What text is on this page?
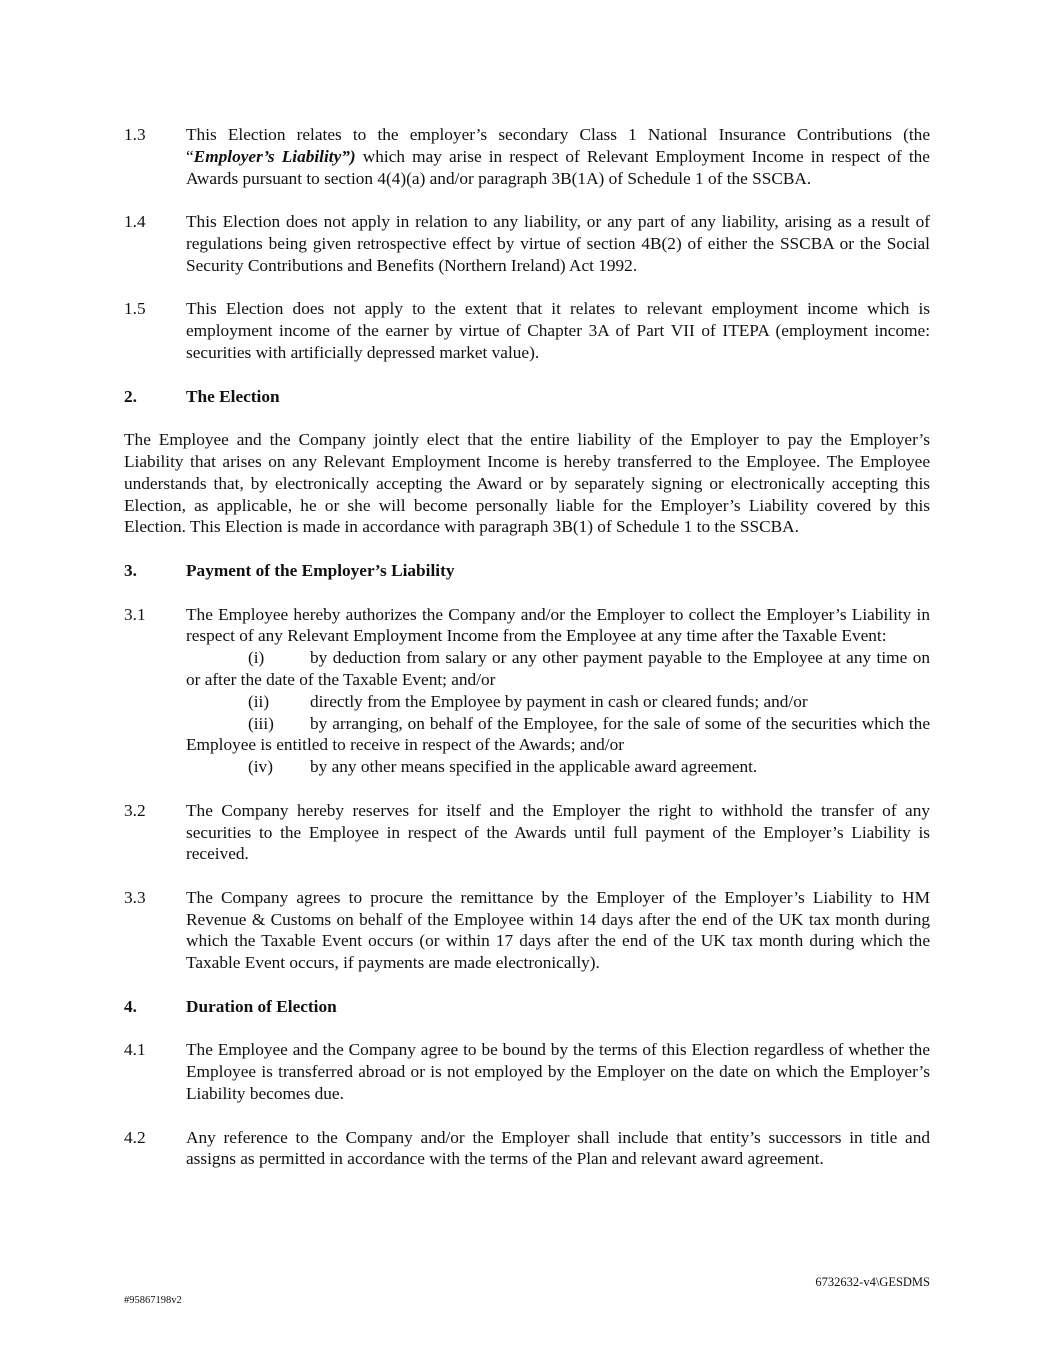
1.3 This Election relates to the employer’s secondary Class 1 National Insurance Contributions (the “Employer’s Liability”) which may arise in respect of Relevant Employment Income in respect of the Awards pursuant to section 4(4)(a) and/or paragraph 3B(1A) of Schedule 1 of the SSCBA.

1.4 This Election does not apply in relation to any liability, or any part of any liability, arising as a result of regulations being given retrospective effect by virtue of section 4B(2) of either the SSCBA or the Social Security Contributions and Benefits (Northern Ireland) Act 1992.

1.5 This Election does not apply to the extent that it relates to relevant employment income which is employment income of the earner by virtue of Chapter 3A of Part VII of ITEPA (employment income: securities with artificially depressed market value).

2.	The Election

The Employee and the Company jointly elect that the entire liability of the Employer to pay the Employer’s Liability that arises on any Relevant Employment Income is hereby transferred to the Employee. The Employee understands that, by electronically accepting the Award or by separately signing or electronically accepting this Election, as applicable, he or she will become personally liable for the Employer’s Liability covered by this Election. This Election is made in accordance with paragraph 3B(1) of Schedule 1 to the SSCBA.

3.	Payment of the Employer’s Liability

3.1 The Employee hereby authorizes the Company and/or the Employer to collect the Employer’s Liability in respect of any Relevant Employment Income from the Employee at any time after the Taxable Event:

(i)	by deduction from salary or any other payment payable to the Employee at any time on or after the date of the Taxable Event; and/or

(ii) directly from the Employee by payment in cash or cleared funds; and/or

(iii) by arranging, on behalf of the Employee, for the sale of some of the securities which the Employee is entitled to receive in respect of the Awards; and/or

(iv) by any other means specified in the applicable award agreement.

3.2 The Company hereby reserves for itself and the Employer the right to withhold the transfer of any securities to the Employee in respect of the Awards until full payment of the Employer’s Liability is received.

3.3 The Company agrees to procure the remittance by the Employer of the Employer’s Liability to HM Revenue & Customs on behalf of the Employee within 14 days after the end of the UK tax month during which the Taxable Event occurs (or within 17 days after the end of the UK tax month during which the Taxable Event occurs, if payments are made electronically).

4.	Duration of Election

4.1 The Employee and the Company agree to be bound by the terms of this Election regardless of whether the Employee is transferred abroad or is not employed by the Employer on the date on which the Employer’s Liability becomes due.

4.2 Any reference to the Company and/or the Employer shall include that entity’s successors in title and assigns as permitted in accordance with the terms of the Plan and relevant award agreement.

6732632-v4\GESDMS
#95867198v2
